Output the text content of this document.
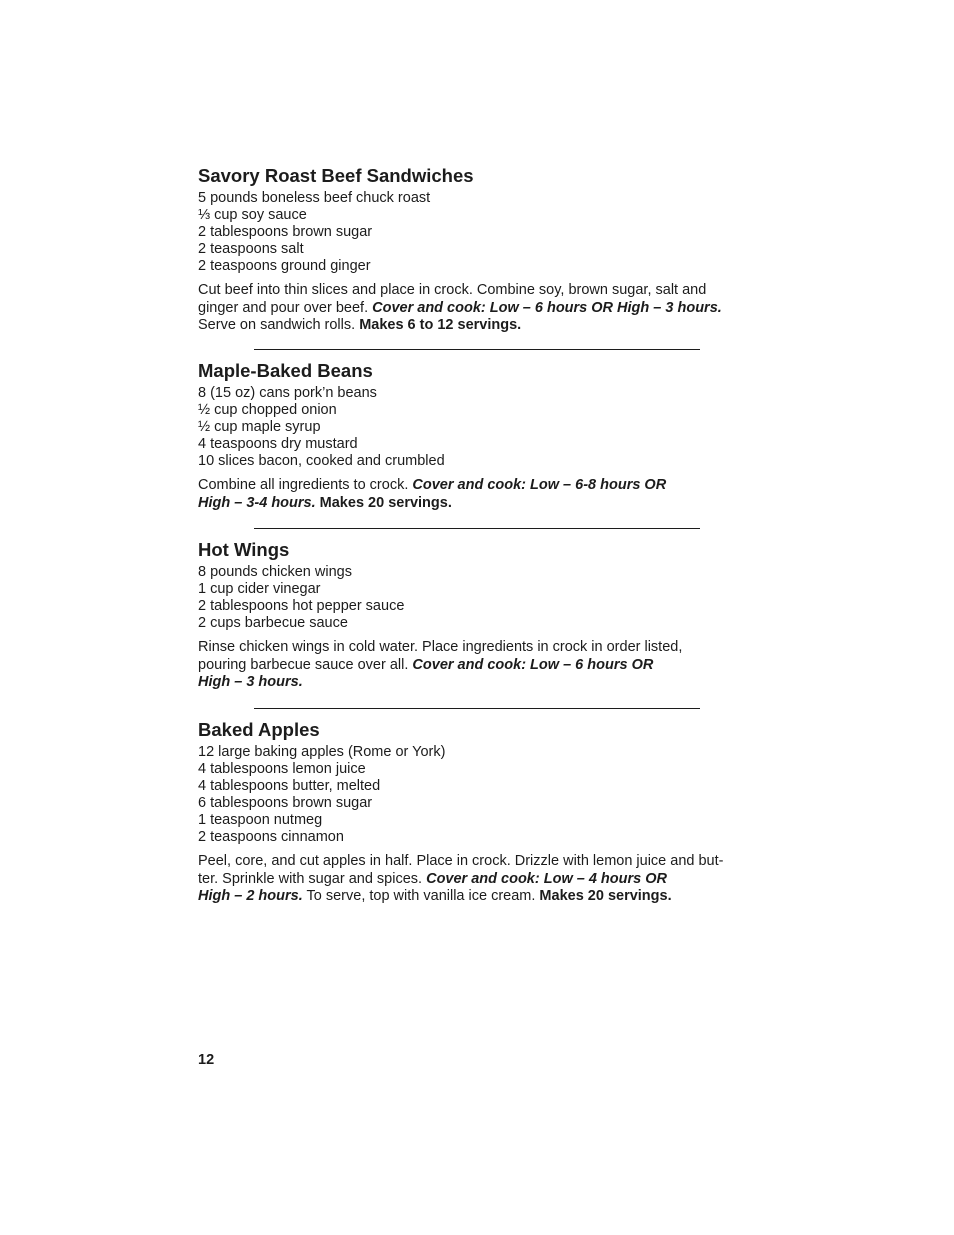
Savory Roast Beef Sandwiches
5 pounds boneless beef chuck roast
⅓ cup soy sauce
2 tablespoons brown sugar
2 teaspoons salt
2 teaspoons ground ginger

Cut beef into thin slices and place in crock. Combine soy, brown sugar, salt and
ginger and pour over beef. Cover and cook: Low – 6 hours OR High – 3 hours.
Serve on sandwich rolls. Makes 6 to 12 servings.

Maple-Baked Beans
8 (15 oz) cans pork’n beans
½ cup chopped onion
½ cup maple syrup
4 teaspoons dry mustard
10 slices bacon, cooked and crumbled

Combine all ingredients to crock. Cover and cook: Low – 6-8 hours OR
High – 3-4 hours. Makes 20 servings.

Hot Wings
8 pounds chicken wings
1 cup cider vinegar
2 tablespoons hot pepper sauce
2 cups barbecue sauce

Rinse chicken wings in cold water. Place ingredients in crock in order listed,
pouring barbecue sauce over all. Cover and cook: Low – 6 hours OR
High – 3 hours.

Baked Apples
12 large baking apples (Rome or York)
4 tablespoons lemon juice
4 tablespoons butter, melted
6 tablespoons brown sugar
1 teaspoon nutmeg
2 teaspoons cinnamon

Peel, core, and cut apples in half. Place in crock. Drizzle with lemon juice and but-
ter. Sprinkle with sugar and spices. Cover and cook: Low – 4 hours OR
High – 2 hours. To serve, top with vanilla ice cream. Makes 20 servings.

12
